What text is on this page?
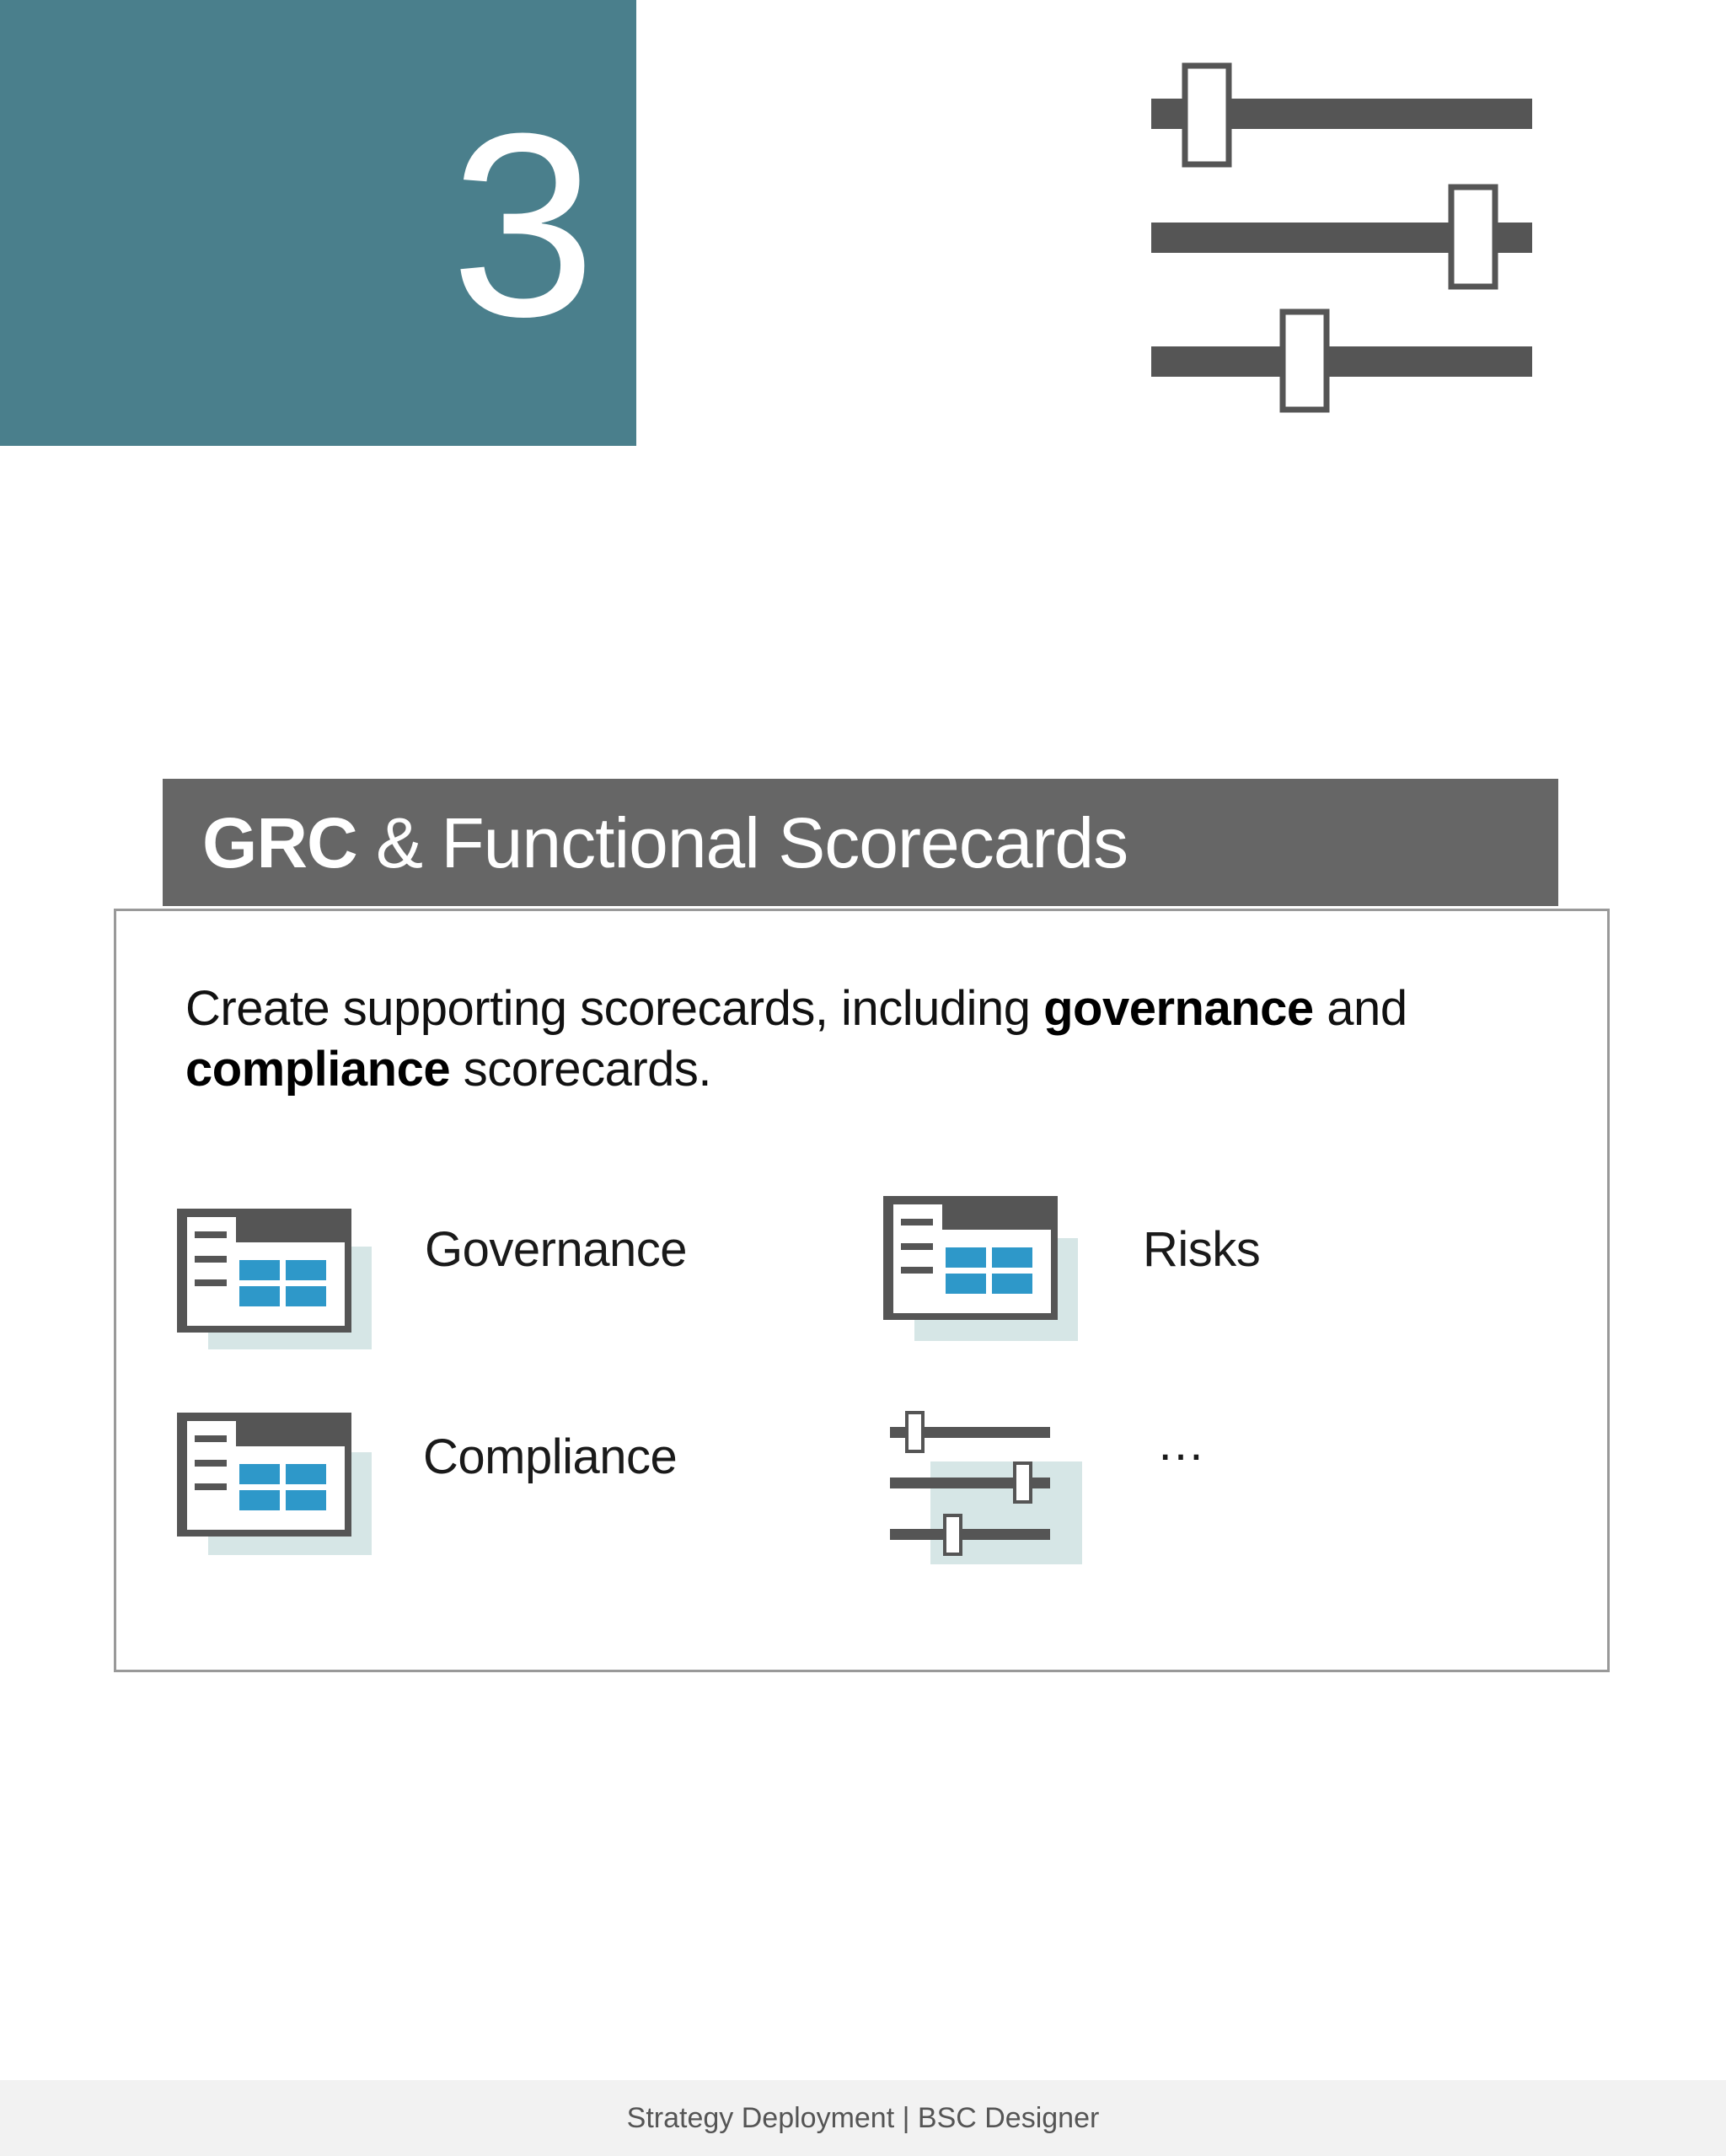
3
GRC & Functional Scorecards
Create supporting scorecards, including governance and
compliance scorecards.
Governance	Risks
Compliance	…
Strategy Deployment | BSC Designer
